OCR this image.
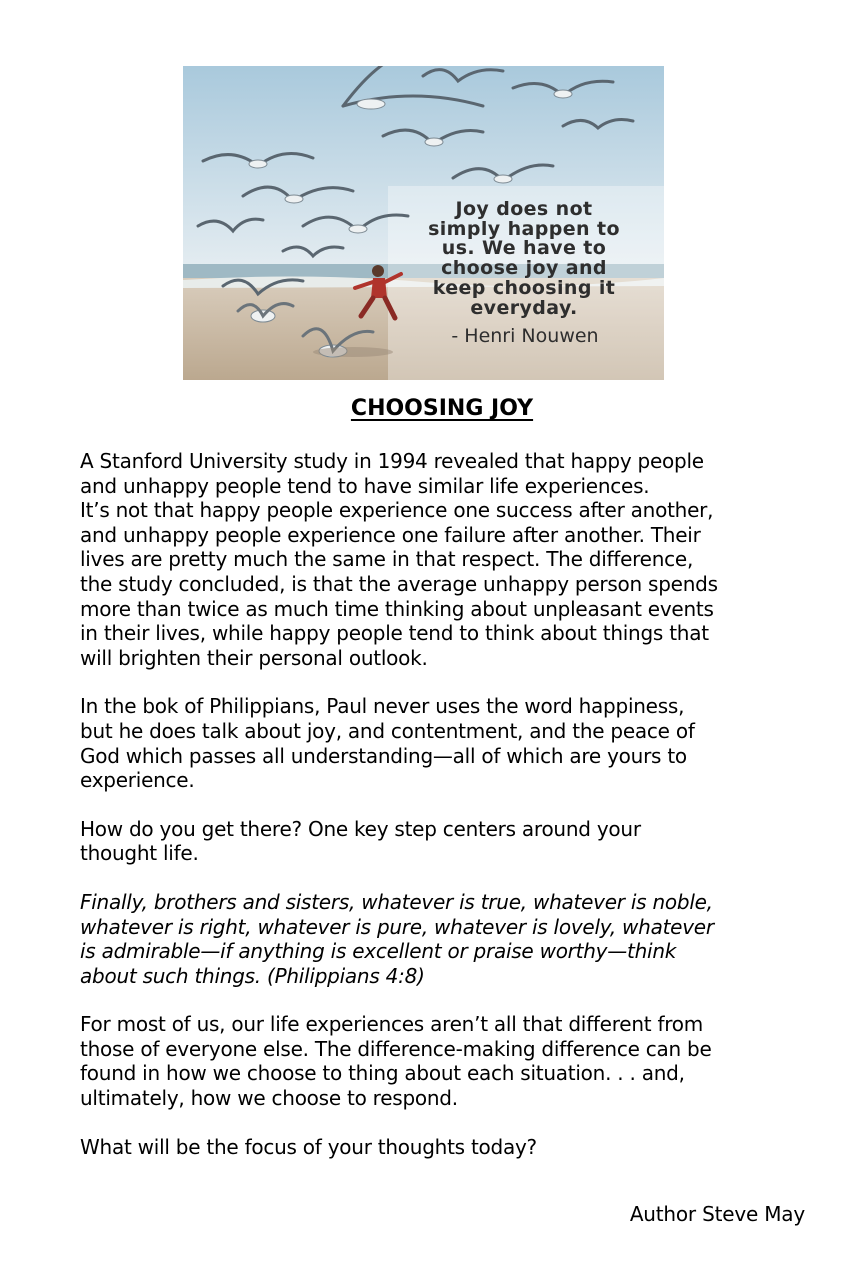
Joy does not
simply happen to
us. We have to
choose joy and
keep choosing it
everyday.
- Henri Nouwen
CHOOSING JOY
A Stanford University study in 1994 revealed that happy people
and unhappy people tend to have similar life experiences.
It’s not that happy people experience one success after another,
and unhappy people experience one failure after another. Their
lives are pretty much the same in that respect. The difference,
the study concluded, is that the average unhappy person spends
more than twice as much time thinking about unpleasant events
in their lives, while happy people tend to think about things that
will brighten their personal outlook.
In the bok of Philippians, Paul never uses the word happiness,
but he does talk about joy, and contentment, and the peace of
God which passes all understanding—all of which are yours to
experience.
How do you get there? One key step centers around your
thought life.
Finally, brothers and sisters, whatever is true, whatever is noble,
whatever is right, whatever is pure, whatever is lovely, whatever
is admirable—if anything is excellent or praise worthy—think
about such things. (Philippians 4:8)
For most of us, our life experiences aren’t all that different from
those of everyone else. The difference-making difference can be
found in how we choose to thing about each situation. . . and,
ultimately, how we choose to respond.
What will be the focus of your thoughts today?
Author Steve May
